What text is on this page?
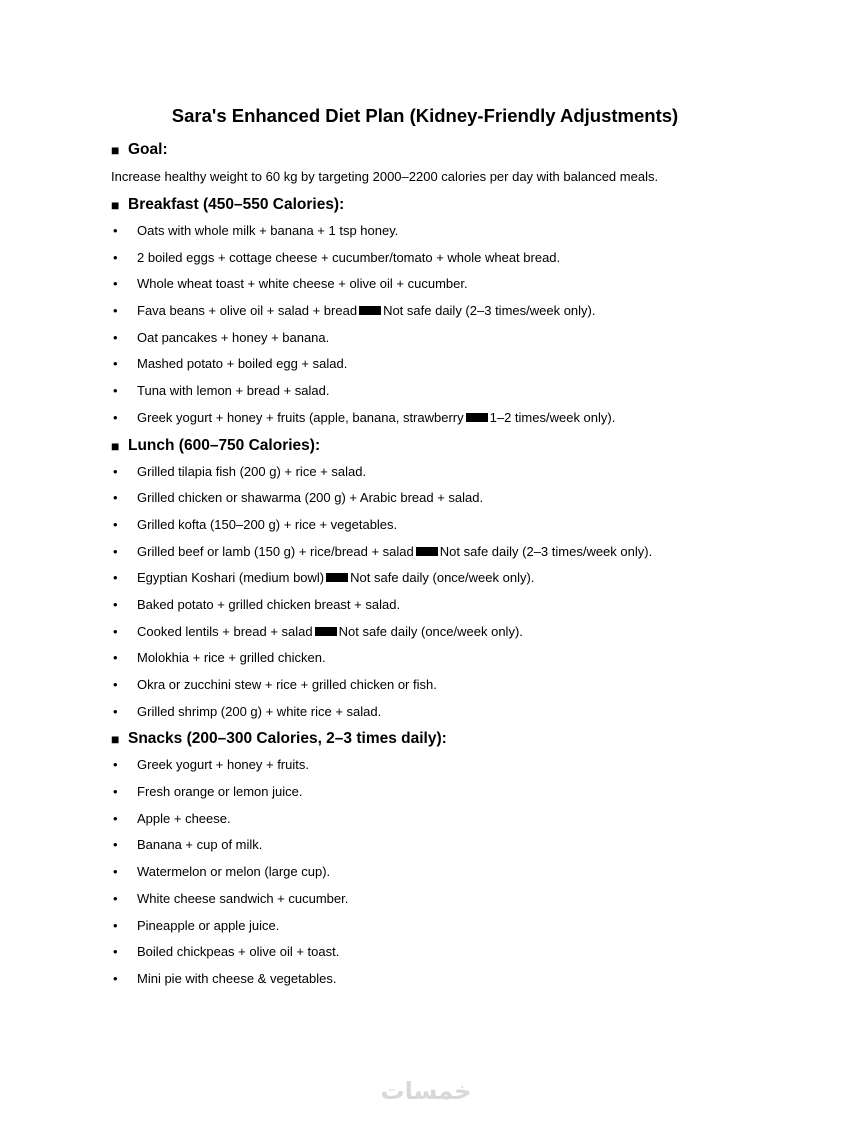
Sara's Enhanced Diet Plan (Kidney-Friendly Adjustments)
■ Goal:
Increase healthy weight to 60 kg by targeting 2000–2200 calories per day with balanced meals.
■ Breakfast (450–550 Calories):
• Oats with whole milk + banana + 1 tsp honey.
• 2 boiled eggs + cottage cheese + cucumber/tomato + whole wheat bread.
• Whole wheat toast + white cheese + olive oil + cucumber.
• Fava beans + olive oil + salad + bread Not safe daily (2–3 times/week only).
• Oat pancakes + honey + banana.
• Mashed potato + boiled egg + salad.
• Tuna with lemon + bread + salad.
• Greek yogurt + honey + fruits (apple, banana, strawberry 1–2 times/week only).
■ Lunch (600–750 Calories):
• Grilled tilapia fish (200 g) + rice + salad.
• Grilled chicken or shawarma (200 g) + Arabic bread + salad.
• Grilled kofta (150–200 g) + rice + vegetables.
• Grilled beef or lamb (150 g) + rice/bread + salad Not safe daily (2–3 times/week only).
• Egyptian Koshari (medium bowl) Not safe daily (once/week only).
• Baked potato + grilled chicken breast + salad.
• Cooked lentils + bread + salad Not safe daily (once/week only).
• Molokhia + rice + grilled chicken.
• Okra or zucchini stew + rice + grilled chicken or fish.
• Grilled shrimp (200 g) + white rice + salad.
■ Snacks (200–300 Calories, 2–3 times daily):
• Greek yogurt + honey + fruits.
• Fresh orange or lemon juice.
• Apple + cheese.
• Banana + cup of milk.
• Watermelon or melon (large cup).
• White cheese sandwich + cucumber.
• Pineapple or apple juice.
• Boiled chickpeas + olive oil + toast.
• Mini pie with cheese & vegetables.
خمسات
